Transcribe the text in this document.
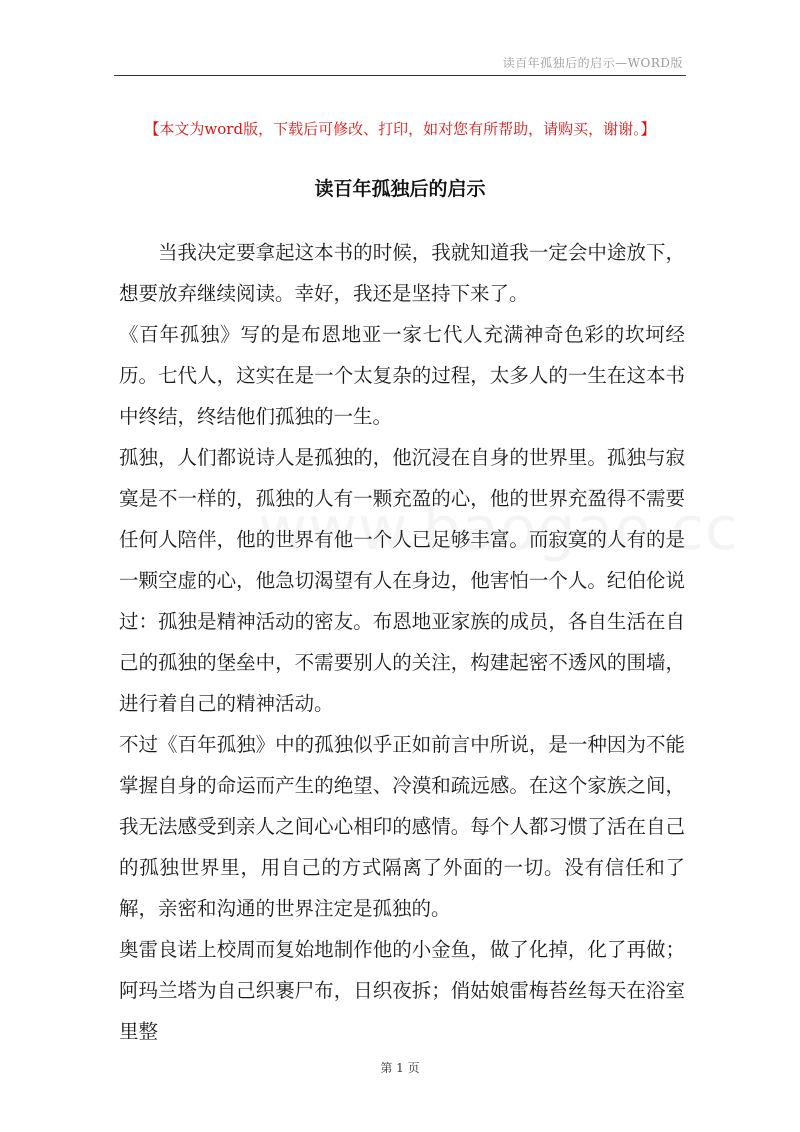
读百年孤独后的启示—WORD版
【本文为word版，下载后可修改、打印，如对您有所帮助，请购买，谢谢。】
读百年孤独后的启示

当我决定要拿起这本书的时候，我就知道我一定会中途放下，想要放弃继续阅读。幸好，我还是坚持下来了。

《百年孤独》写的是布恩地亚一家七代人充满神奇色彩的坎坷经历。七代人，这实在是一个太复杂的过程，太多人的一生在这本书中终结，终结他们孤独的一生。

孤独，人们都说诗人是孤独的，他沉浸在自身的世界里。孤独与寂寞是不一样的，孤独的人有一颗充盈的心，他的世界充盈得不需要任何人陪伴，他的世界有他一个人已足够丰富。而寂寞的人有的是一颗空虚的心，他急切渴望有人在身边，他害怕一个人。纪伯伦说过：孤独是精神活动的密友。布恩地亚家族的成员，各自生活在自己的孤独的堡垒中，不需要别人的关注，构建起密不透风的围墙，进行着自己的精神活动。

不过《百年孤独》中的孤独似乎正如前言中所说，是一种因为不能掌握自身的命运而产生的绝望、冷漠和疏远感。在这个家族之间，我无法感受到亲人之间心心相印的感情。每个人都习惯了活在自己的孤独世界里，用自己的方式隔离了外面的一切。没有信任和了解，亲密和沟通的世界注定是孤独的。

奥雷良诺上校周而复始地制作他的小金鱼，做了化掉，化了再做；阿玛兰塔为自己织裹尸布，日织夜拆；俏姑娘雷梅苔丝每天在浴室里整

第 1 页
